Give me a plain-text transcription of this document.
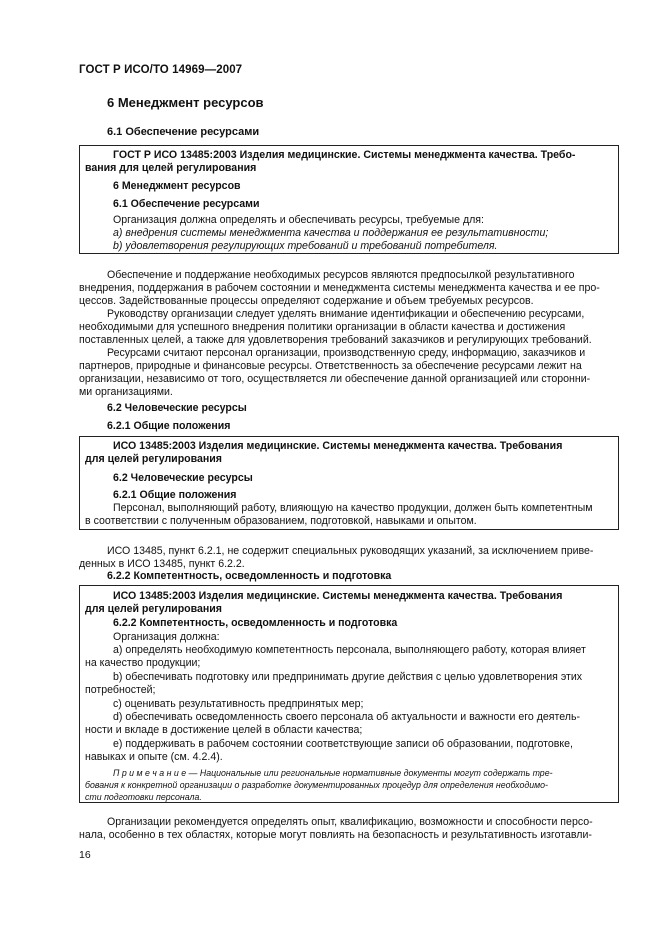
ГОСТ Р ИСО/ТО 14969—2007
6 Менеджмент ресурсов
6.1 Обеспечение ресурсами
ГОСТ Р ИСО 13485:2003 Изделия медицинские. Системы менеджмента качества. Требо-
вания для целей регулирования
6 Менеджмент ресурсов
6.1 Обеспечение ресурсами
Организация должна определять и обеспечивать ресурсы, требуемые для:
a) внедрения системы менеджмента качества и поддержания ее результативности;
b) удовлетворения регулирующих требований и требований потребителя.
Обеспечение и поддержание необходимых ресурсов являются предпосылкой результативного
внедрения, поддержания в рабочем состоянии и менеджмента системы менеджмента качества и ее про-
цессов. Задействованные процессы определяют содержание и объем требуемых ресурсов.
Руководству организации следует уделять внимание идентификации и обеспечению ресурсами,
необходимыми для успешного внедрения политики организации в области качества и достижения
поставленных целей, а также для удовлетворения требований заказчиков и регулирующих требований.
Ресурсами считают персонал организации, производственную среду, информацию, заказчиков и
партнеров, природные и финансовые ресурсы. Ответственность за обеспечение ресурсами лежит на
организации, независимо от того, осуществляется ли обеспечение данной организацией или сторонни-
ми организациями.
6.2 Человеческие ресурсы
6.2.1 Общие положения
ИСО 13485:2003 Изделия медицинские. Системы менеджмента качества. Требования
для целей регулирования
6.2 Человеческие ресурсы
6.2.1 Общие положения
Персонал, выполняющий работу, влияющую на качество продукции, должен быть компетентным
в соответствии с полученным образованием, подготовкой, навыками и опытом.
ИСО 13485, пункт 6.2.1, не содержит специальных руководящих указаний, за исключением приве-
денных в ИСО 13485, пункт 6.2.2.
6.2.2 Компетентность, осведомленность и подготовка
ИСО 13485:2003 Изделия медицинские. Системы менеджмента качества. Требования
для целей регулирования
6.2.2 Компетентность, осведомленность и подготовка
Организация должна:
a) определять необходимую компетентность персонала, выполняющего работу, которая влияет
на качество продукции;
b) обеспечивать подготовку или предпринимать другие действия с целью удовлетворения этих
потребностей;
c) оценивать результативность предпринятых мер;
d) обеспечивать осведомленность своего персонала об актуальности и важности его деятель-
ности и вкладе в достижение целей в области качества;
e) поддерживать в рабочем состоянии соответствующие записи об образовании, подготовке,
навыках и опыте (см. 4.2.4).
П р и м е ч а н и е — Национальные или региональные нормативные документы могут содержать тре-
бования к конкретной организации о разработке документированных процедур для определения необходимо-
сти подготовки персонала.
Организации рекомендуется определять опыт, квалификацию, возможности и способности персо-
нала, особенно в тех областях, которые могут повлиять на безопасность и результативность изготавли-
16
